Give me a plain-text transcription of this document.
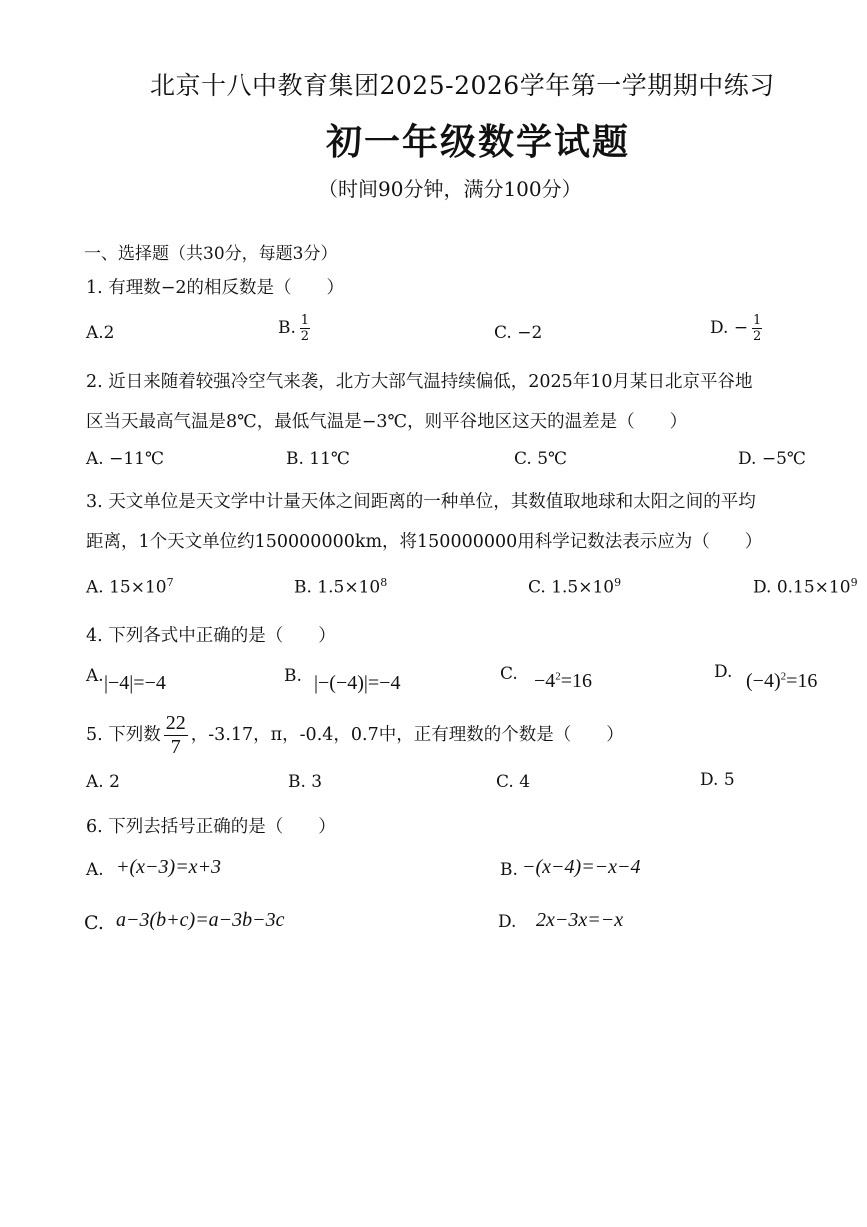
北京十八中教育集团2025-2026学年第一学期期中练习
初一年级数学试题
（时间90分钟，满分100分）
一、选择题（共30分，每题3分）
1. 有理数−2的相反数是（　　）
A.2	B. $\frac{1}{2}$	C. −2	D. − $\frac{1}{2}$
2. 近日来随着较强冷空气来袭，北方大部气温持续偏低，2025年10月某日北京平谷地
区当天最高气温是8℃，最低气温是−3℃，则平谷地区这天的温差是（　　）
A. −11℃	B. 11℃	C. 5℃	D. −5℃
3. 天文单位是天文学中计量天体之间距离的一种单位，其数值取地球和太阳之间的平均
距离，1个天文单位约150000000km，将150000000用科学记数法表示应为（　　）
A. $15\times 10^7$	B. $1.5\times 10^8$	C. $1.5\times 10^9$	D. $0.15\times 10^9$
4. 下列各式中正确的是（　　）
A. |−4|=−4	B. |−(−4)|=−4	C. $-4^2=16$	D. $(-4)^2=16$
5. 下列数 $\frac{22}{7}$ ，-3.17，π，-0.4，0.7中，正有理数的个数是（　　）
A. 2	B. 3	C. 4	D. 5
6. 下列去括号正确的是（　　）
A. +(x−3)=x+3	B. −(x−4)=−x−4
C. a−3(b+c)=a−3b−3c	D. 2x−3x=−x
